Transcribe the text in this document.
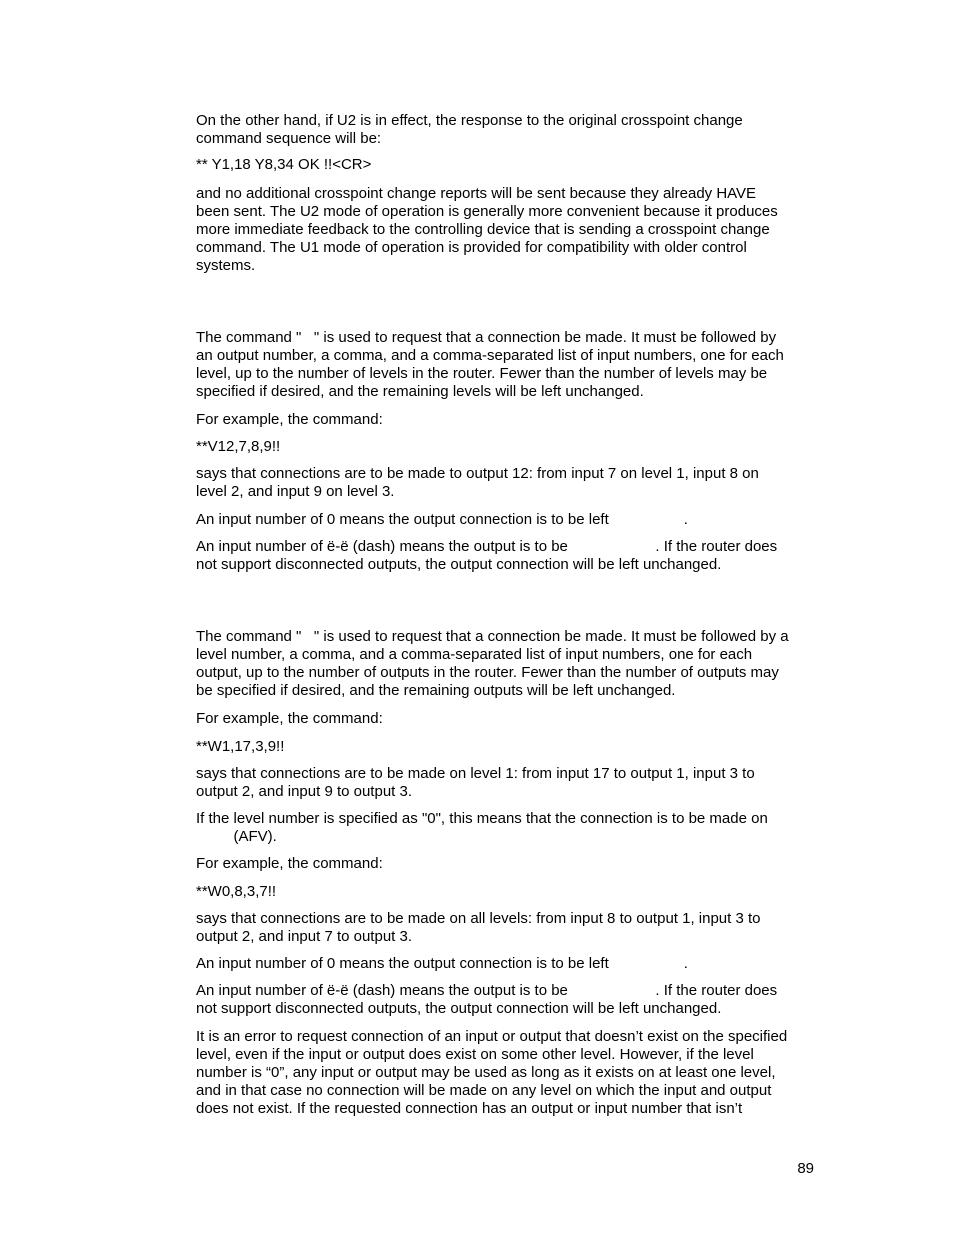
On the other hand, if U2 is in effect, the response to the original crosspoint change
command sequence will be:

** Y1,18 Y8,34 OK !!<CR>

and no additional crosspoint change reports will be sent because they already HAVE
been sent. The U2 mode of operation is generally more convenient because it produces
more immediate feedback to the controlling device that is sending a crosspoint change
command. The U1 mode of operation is provided for compatibility with older control
systems.

The command "   " is used to request that a connection be made. It must be followed by
an output number, a comma, and a comma-separated list of input numbers, one for each
level, up to the number of levels in the router. Fewer than the number of levels may be
specified if desired, and the remaining levels will be left unchanged.

For example, the command:

**V12,7,8,9!!

says that connections are to be made to output 12: from input 7 on level 1, input 8 on
level 2, and input 9 on level 3.

An input number of 0 means the output connection is to be left                  .

An input number of ë-ë (dash) means the output is to be                     . If the router does
not support disconnected outputs, the output connection will be left unchanged.

The command "   " is used to request that a connection be made. It must be followed by a
level number, a comma, and a comma-separated list of input numbers, one for each
output, up to the number of outputs in the router. Fewer than the number of outputs may
be specified if desired, and the remaining outputs will be left unchanged.

For example, the command:

**W1,17,3,9!!

says that connections are to be made on level 1: from input 17 to output 1, input 3 to
output 2, and input 9 to output 3.

If the level number is specified as "0", this means that the connection is to be made on
(AFV).

For example, the command:

**W0,8,3,7!!

says that connections are to be made on all levels: from input 8 to output 1, input 3 to
output 2, and input 7 to output 3.

An input number of 0 means the output connection is to be left                  .

An input number of ë-ë (dash) means the output is to be                     . If the router does
not support disconnected outputs, the output connection will be left unchanged.

It is an error to request connection of an input or output that doesn’t exist on the specified
level, even if the input or output does exist on some other level. However, if the level
number is “0”, any input or output may be used as long as it exists on at least one level,
and in that case no connection will be made on any level on which the input and output
does not exist. If the requested connection has an output or input number that isn’t

89
